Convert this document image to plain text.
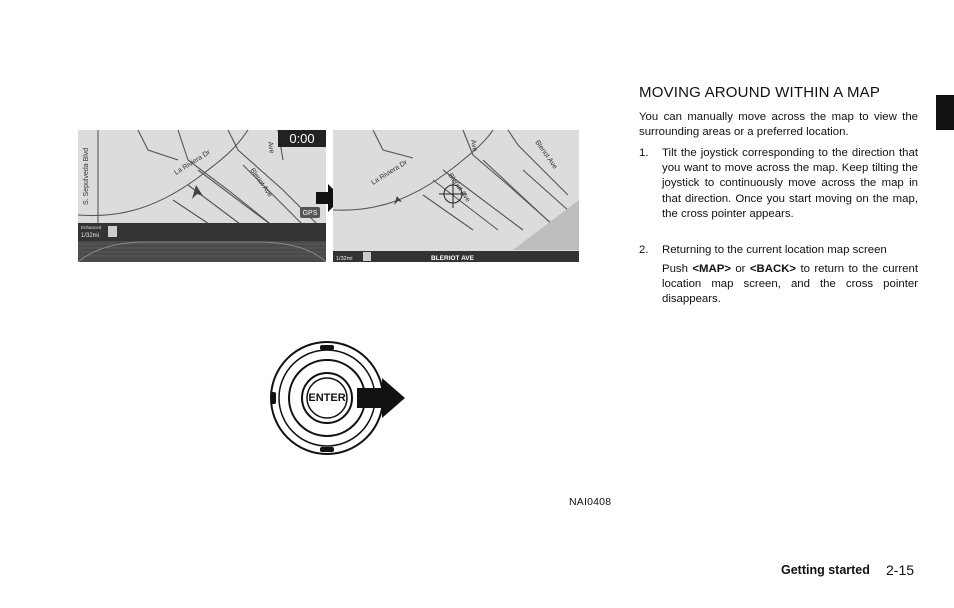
0:00
GPS
S. Sepulveda Blvd	La Riviera Dr
Bleriot Ave
Ave
Enhanced
1/32mi
La Riviera Dr
Ave
Bleriot Ave
Bleriot Ave
1/32mi	BLERIOT AVE
ENTER
NAI0408
MOVING AROUND WITHIN A MAP
You can manually move across the map to view the surrounding areas or a preferred location.
1. Tilt the joystick corresponding to the direction that you want to move across the map. Keep tilting the joystick to continuously move across the map in that direction. Once you start moving on the map, the cross pointer appears.
2. Returning to the current location map screen
Push <MAP> or <BACK> to return to the current location map screen, and the cross pointer disappears.
Getting started 2-15
